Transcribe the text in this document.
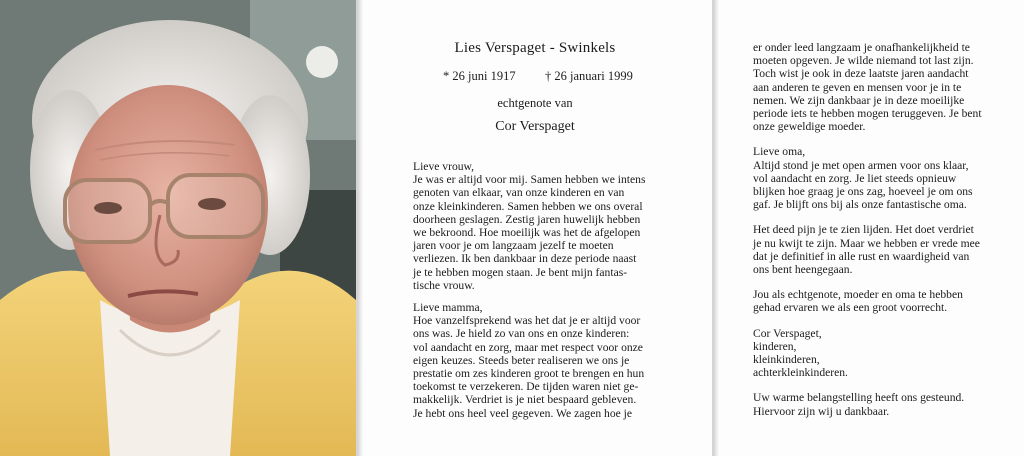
Lies Verspaget - Swinkels
* 26 juni 1917 † 26 januari 1999
echtgenote van
Cor Verspaget
Lieve vrouw,
Je was er altijd voor mij. Samen hebben we intens
genoten van elkaar, van onze kinderen en van
onze kleinkinderen. Samen hebben we ons overal
doorheen geslagen. Zestig jaren huwelijk hebben
we bekroond. Hoe moeilijk was het de afgelopen
jaren voor je om langzaam jezelf te moeten
verliezen. Ik ben dankbaar in deze periode naast
je te hebben mogen staan. Je bent mijn fantas-
tische vrouw.
Lieve mamma,
Hoe vanzelfsprekend was het dat je er altijd voor
ons was. Je hield zo van ons en onze kinderen:
vol aandacht en zorg, maar met respect voor onze
eigen keuzes. Steeds beter realiseren we ons je
prestatie om zes kinderen groot te brengen en hun
toekomst te verzekeren. De tijden waren niet ge-
makkelijk. Verdriet is je niet bespaard gebleven.
Je hebt ons heel veel gegeven. We zagen hoe je
er onder leed langzaam je onafhankelijkheid te
moeten opgeven. Je wilde niemand tot last zijn.
Toch wist je ook in deze laatste jaren aandacht
aan anderen te geven en mensen voor je in te
nemen. We zijn dankbaar je in deze moeilijke
periode iets te hebben mogen teruggeven. Je bent
onze geweldige moeder.
Lieve oma,
Altijd stond je met open armen voor ons klaar,
vol aandacht en zorg. Je liet steeds opnieuw
blijken hoe graag je ons zag, hoeveel je om ons
gaf. Je blijft ons bij als onze fantastische oma.
Het deed pijn je te zien lijden. Het doet verdriet
je nu kwijt te zijn. Maar we hebben er vrede mee
dat je definitief in alle rust en waardigheid van
ons bent heengegaan.
Jou als echtgenote, moeder en oma te hebben
gehad ervaren we als een groot voorrecht.
Cor Verspaget,
kinderen,
kleinkinderen,
achterkleinkinderen.
Uw warme belangstelling heeft ons gesteund.
Hiervoor zijn wij u dankbaar.
